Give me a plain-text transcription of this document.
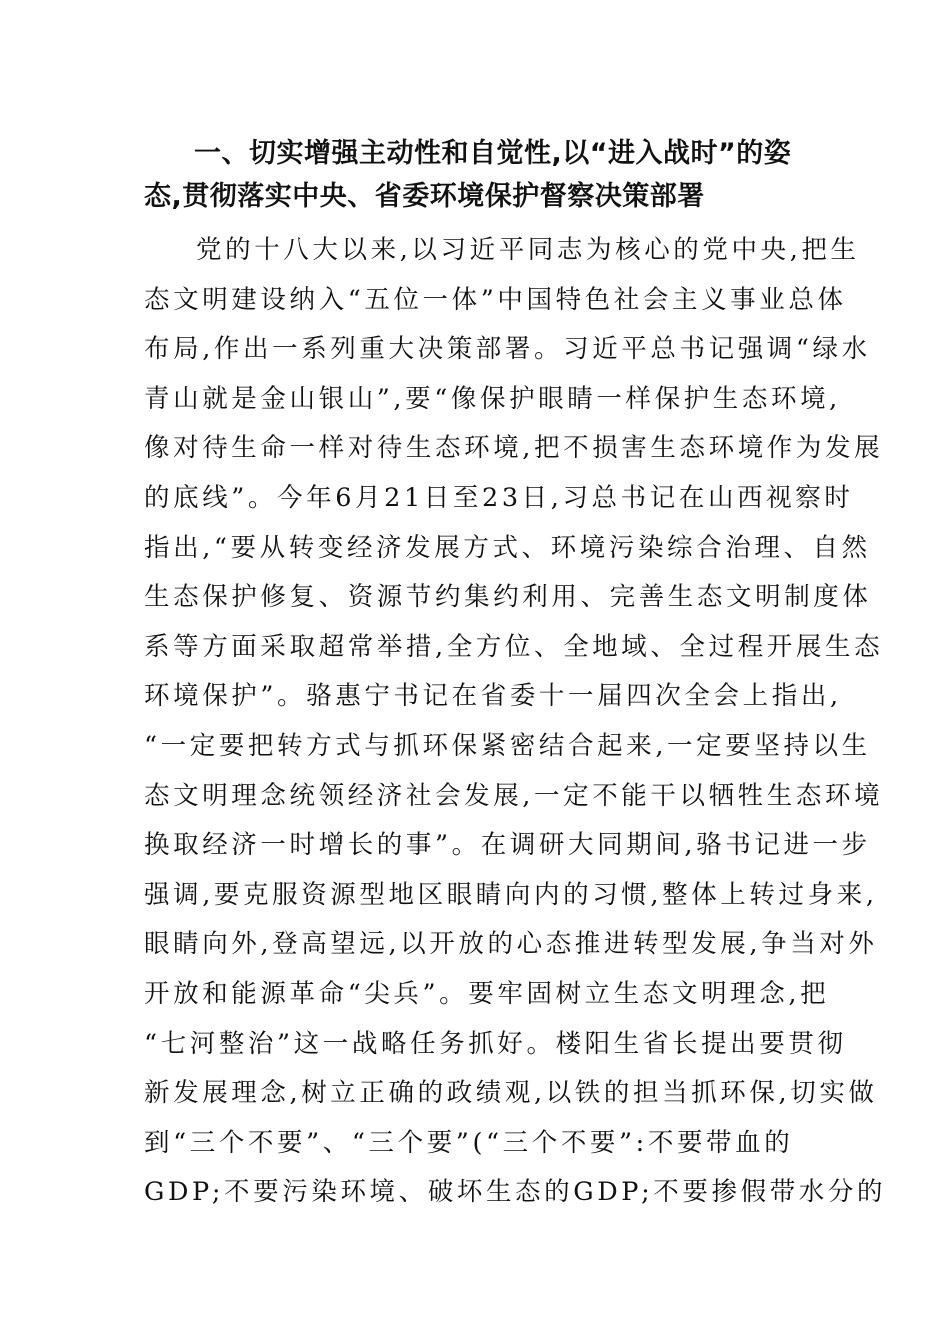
一、切实增强主动性和自觉性,以“进入战时”的姿
态,贯彻落实中央、省委环境保护督察决策部署

党的十八大以来,以习近平同志为核心的党中央,把生
态文明建设纳入“五位一体”中国特色社会主义事业总体
布局,作出一系列重大决策部署。习近平总书记强调“绿水
青山就是金山银山”,要“像保护眼睛一样保护生态环境,
像对待生命一样对待生态环境,把不损害生态环境作为发展
的底线”。今年6月21日至23日,习总书记在山西视察时
指出,“要从转变经济发展方式、环境污染综合治理、自然
生态保护修复、资源节约集约利用、完善生态文明制度体
系等方面采取超常举措,全方位、全地域、全过程开展生态
环境保护”。骆惠宁书记在省委十一届四次全会上指出,
“一定要把转方式与抓环保紧密结合起来,一定要坚持以生
态文明理念统领经济社会发展,一定不能干以牺牲生态环境
换取经济一时增长的事”。在调研大同期间,骆书记进一步
强调,要克服资源型地区眼睛向内的习惯,整体上转过身来,
眼睛向外,登高望远,以开放的心态推进转型发展,争当对外
开放和能源革命“尖兵”。要牢固树立生态文明理念,把
“七河整治”这一战略任务抓好。楼阳生省长提出要贯彻
新发展理念,树立正确的政绩观,以铁的担当抓环保,切实做
到“三个不要”、“三个要”(“三个不要”:不要带血的
GDP;不要污染环境、破坏生态的GDP;不要掺假带水分的
